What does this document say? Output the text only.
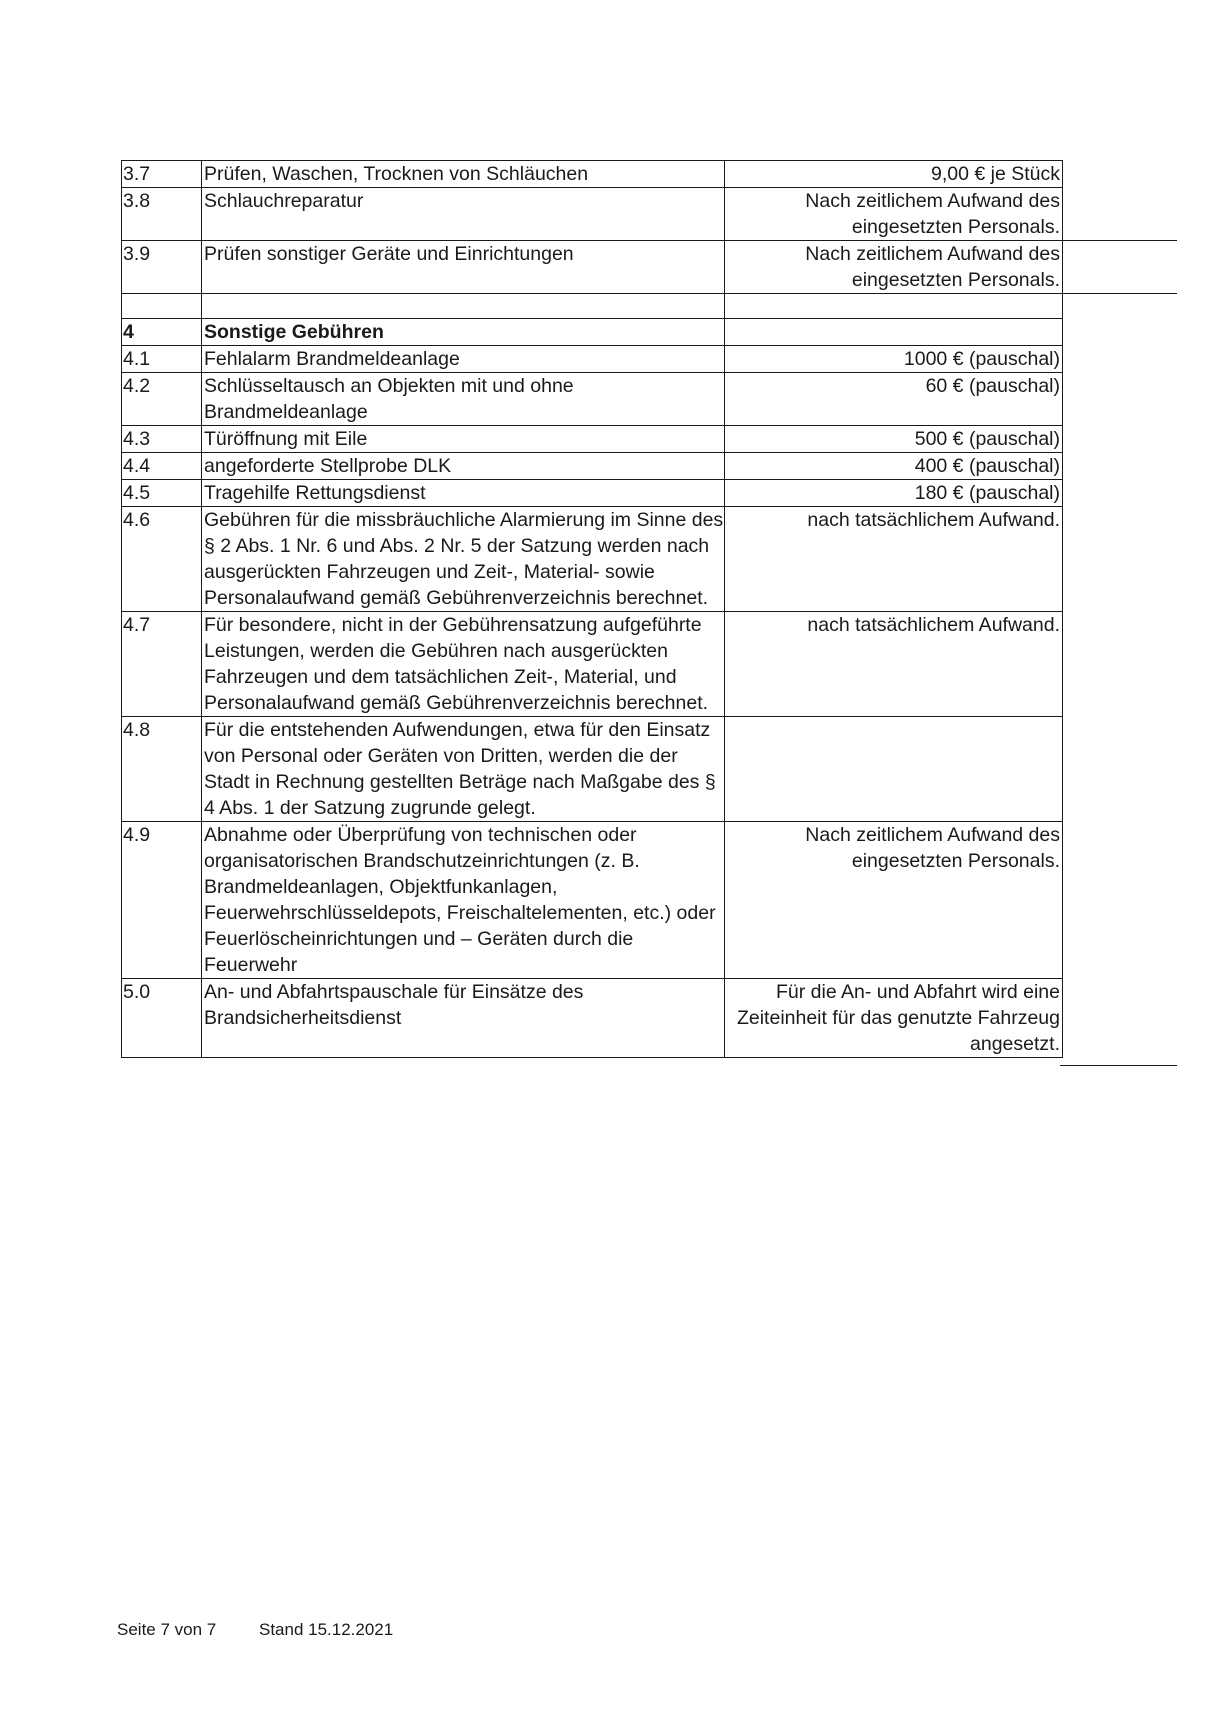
3.7	Prüfen, Waschen, Trocknen von Schläuchen	9,00 € je Stück
3.8	Schlauchreparatur	Nach zeitlichem Aufwand des eingesetzten Personals.
3.9	Prüfen sonstiger Geräte und Einrichtungen	Nach zeitlichem Aufwand des eingesetzten Personals.

4	Sonstige Gebühren	
4.1	Fehlalarm Brandmeldeanlage	1000 € (pauschal)
4.2	Schlüsseltausch an Objekten mit und ohne Brandmeldeanlage	60 € (pauschal)
4.3	Türöffnung mit Eile	500 € (pauschal)
4.4	angeforderte Stellprobe DLK	400 € (pauschal)
4.5	Tragehilfe Rettungsdienst	180 € (pauschal)
4.6	Gebühren für die missbräuchliche Alarmierung im Sinne des § 2 Abs. 1 Nr. 6 und Abs. 2 Nr. 5 der Satzung werden nach ausgerückten Fahrzeugen und Zeit-, Material- sowie Personalaufwand gemäß Gebührenverzeichnis berechnet.	nach tatsächlichem Aufwand.
4.7	Für besondere, nicht in der Gebührensatzung aufgeführte Leistungen, werden die Gebühren nach ausgerückten Fahrzeugen und dem tatsächlichen Zeit-, Material, und Personalaufwand gemäß Gebührenverzeichnis berechnet.	nach tatsächlichem Aufwand.
4.8	Für die entstehenden Aufwendungen, etwa für den Einsatz von Personal oder Geräten von Dritten, werden die der Stadt in Rechnung gestellten Beträge nach Maßgabe des § 4 Abs. 1 der Satzung zugrunde gelegt.	
4.9	Abnahme oder Überprüfung von technischen oder organisatorischen Brandschutzeinrichtungen (z. B. Brandmeldeanlagen, Objektfunkanlagen, Feuerwehrschlüsseldepots, Freischaltelementen, etc.) oder Feuerlöscheinrichtungen und – Geräten durch die Feuerwehr	Nach zeitlichem Aufwand des eingesetzten Personals.
5.0	An- und Abfahrtspauschale für Einsätze des Brandsicherheitsdienst	Für die An- und Abfahrt wird eine Zeiteinheit für das genutzte Fahrzeug angesetzt.
Seite 7 von 7	Stand 15.12.2021
